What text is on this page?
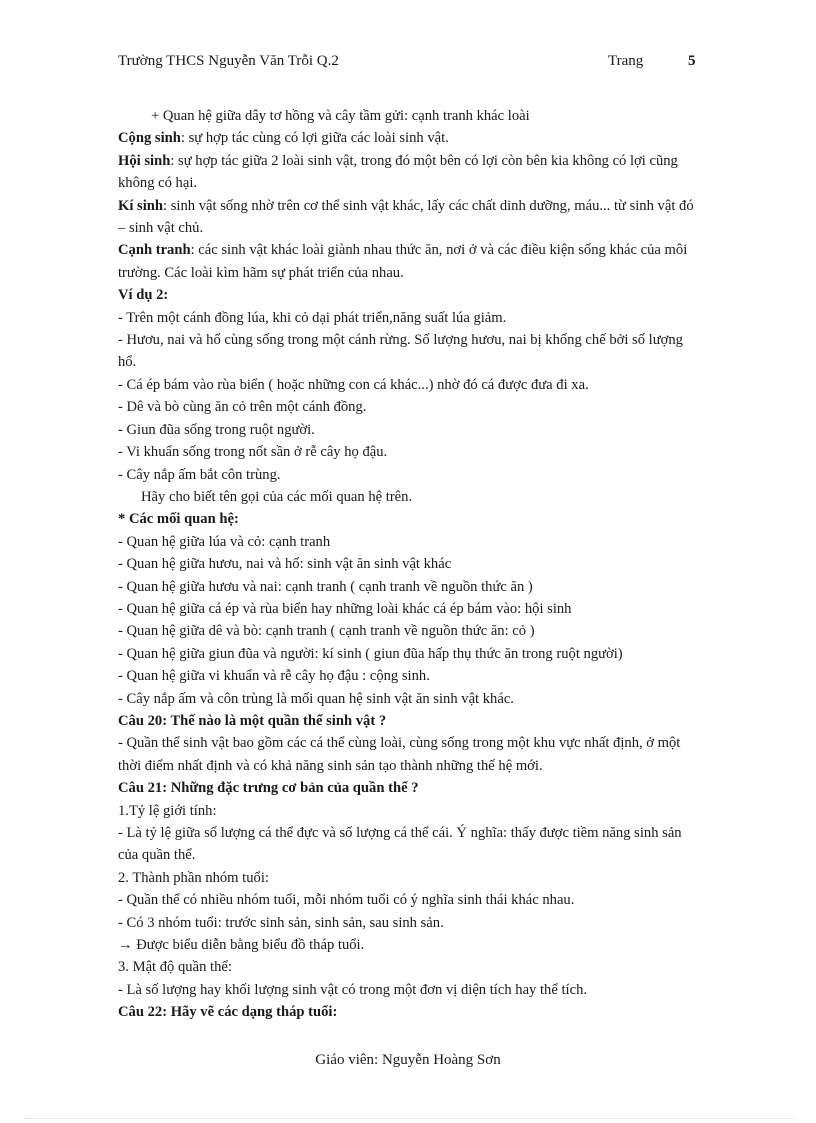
Trường THCS Nguyễn Văn Trỗi Q.2	Trang	5

+ Quan hệ giữa dây tơ hồng và cây tầm gửi: cạnh tranh khác loài

Cộng sinh: sự hợp tác cùng có lợi giữa các loài sinh vật.

Hội sinh: sự hợp tác giữa 2 loài sinh vật, trong đó một bên có lợi còn bên kia không có lợi cũng không có hại.

Kí sinh: sinh vật sống nhờ trên cơ thể sinh vật khác, lấy các chất dinh dưỡng, máu... từ sinh vật đó – sinh vật chủ.

Cạnh tranh: các sinh vật khác loài giành nhau thức ăn, nơi ở và các điều kiện sống khác của môi trường. Các loài kìm hãm sự phát triển của nhau.

Ví dụ 2:

- Trên một cánh đồng lúa, khi cỏ dại phát triển,năng suất lúa giảm.

- Hươu, nai và hổ cùng sống trong một cánh rừng. Số lượng hươu, nai bị khống chế bởi số lượng hổ.

- Cá ép bám vào rùa biển ( hoặc những con cá khác...) nhờ đó cá được đưa đi xa.

- Dê và bò cùng ăn cỏ trên một cánh đồng.

- Giun đũa sống trong ruột người.

- Vi khuẩn sống trong nốt sần ở rễ cây họ đậu.

- Cây nắp ấm bắt côn trùng.

Hãy cho biết tên gọi của các mối quan hệ trên.

* Các mối quan hệ:

- Quan hệ giữa lúa và cỏ: cạnh tranh

- Quan hệ giữa hươu, nai và hổ: sinh vật ăn sinh vật khác

- Quan hệ giữa hươu và nai: cạnh tranh ( cạnh tranh về nguồn thức ăn )

- Quan hệ giữa cá ép và rùa biển hay những loài khác cá ép bám vào: hội sinh

- Quan hệ giữa dê và bò: cạnh tranh ( cạnh tranh về nguồn thức ăn: cỏ )

- Quan hệ giữa giun đũa và người: kí sinh ( giun đũa hấp thụ thức ăn trong ruột người)

- Quan hệ giữa vi khuẩn và rễ cây họ đậu : cộng sinh.

- Cây nắp ấm và côn trùng là mối quan hệ sinh vật ăn sinh vật khác.

Câu 20: Thế nào là một quần thể sinh vật ?

- Quần thể sinh vật bao gồm các cá thể cùng loài, cùng sống trong một khu vực nhất định, ở một thời điểm nhất định và có khả năng sinh sản tạo thành những thế hệ mới.

Câu 21: Những đặc trưng cơ bản của quần thể ?

1.Tỷ lệ giới tính:

- Là tỷ lệ giữa số lượng cá thể đực và số lượng cá thể cái. Ý nghĩa: thấy được tiềm năng sinh sản của quần thể.

2. Thành phần nhóm tuổi:

- Quần thể có nhiều nhóm tuổi, mỗi nhóm tuổi có ý nghĩa sinh thái khác nhau.

- Có 3 nhóm tuổi: trước sinh sản, sinh sản, sau sinh sản.

→ Được biểu diễn bằng biểu đồ tháp tuổi.

3. Mật độ quần thể:

- Là số lượng hay khối lượng sinh vật có trong một đơn vị diện tích hay thể tích.

Câu 22: Hãy vẽ các dạng tháp tuổi:

Giáo viên: Nguyễn Hoàng Sơn
